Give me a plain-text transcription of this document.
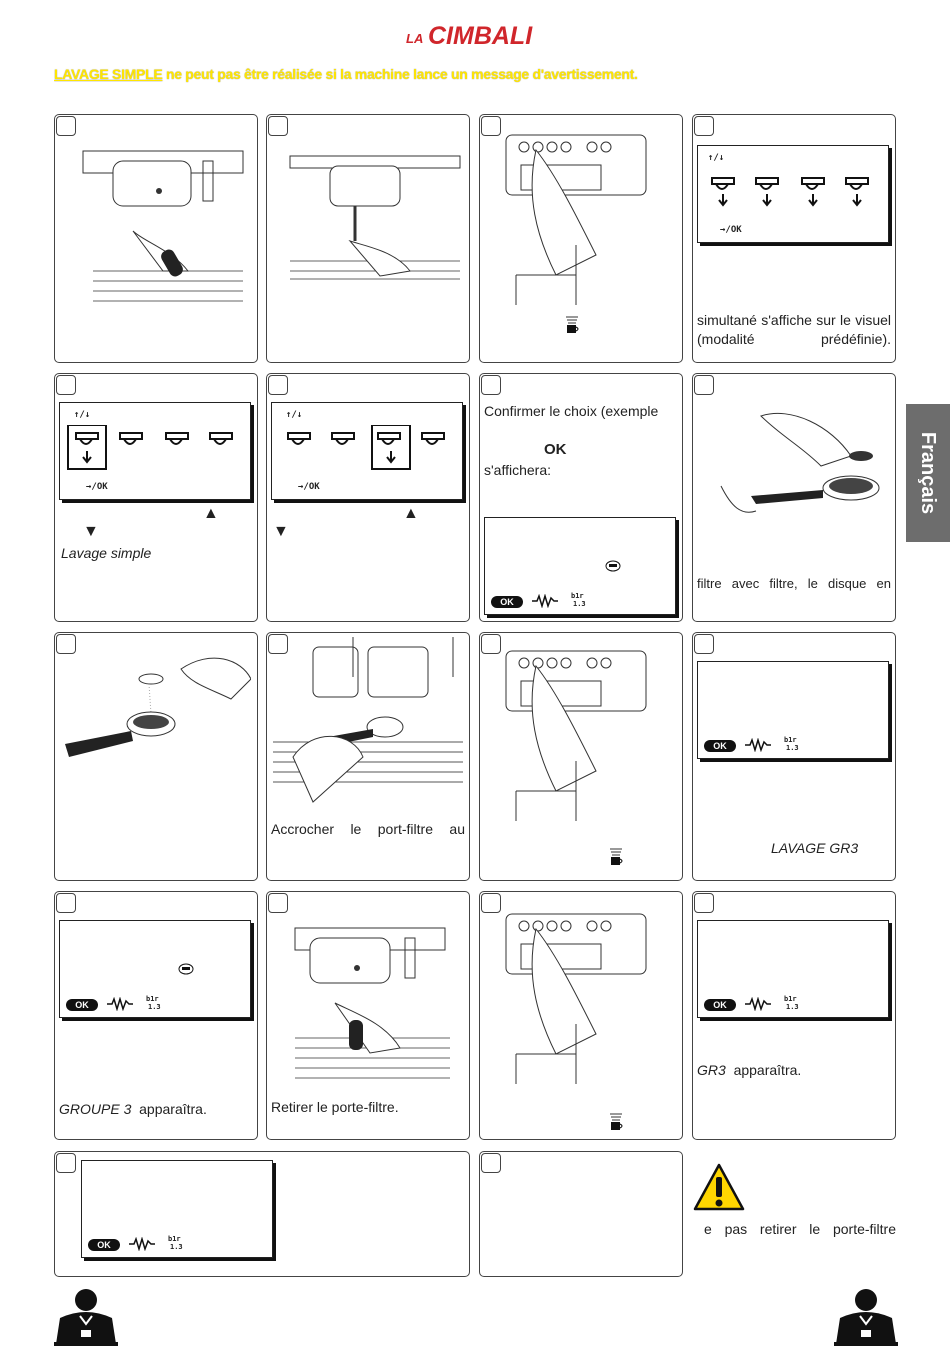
LA CIMBALI
LAVAGE SIMPLE ne peut pas être réalisée si la machine lance un message d'avertissement.
Français
↑/↓
→/OK
simultané s'affiche sur le visuel (modalité prédéfinie).
↑/↓
→/OK
▼
▲
Lavage simple
↑/↓
→/OK
▼
▲
Confirmer le choix (exemple
OK
s'affichera:
OK
b1r
1.3
filtre avec filtre, le disque en
Accrocher le port-filtre au
OK
b1r
1.3
LAVAGE GR3
OK
b1r
1.3
GROUPE 3 apparaîtra.	Retirer le porte-filtre.
OK
b1r
1.3
GR3 apparaîtra.
OK
b1r
1.3
e pas retirer le porte-filtre
